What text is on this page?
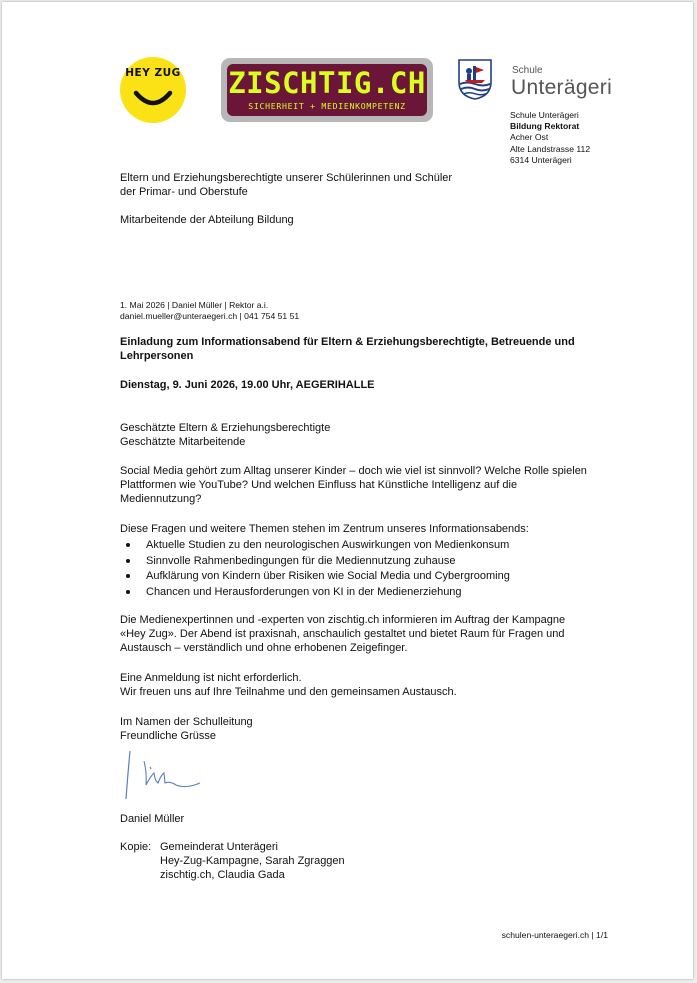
HEY ZUG ZISCHTIG.CH
SICHERHEIT + MEDIENKOMPETENZ
Schule
Unterägeri
Schule Unterägeri
Bildung Rektorat
Acher Ost
Alte Landstrasse 112
6314 Unterägeri
Eltern und Erziehungsberechtigte unserer Schülerinnen und Schüler
der Primar- und Oberstufe
Mitarbeitende der Abteilung Bildung
1. Mai 2026 | Daniel Müller | Rektor a.i.
daniel.mueller@unteraegeri.ch | 041 754 51 51
Einladung zum Informationsabend für Eltern & Erziehungsberechtigte, Betreuende und
Lehrpersonen
Dienstag, 9. Juni 2026, 19.00 Uhr, AEGERIHALLE
Geschätzte Eltern & Erziehungsberechtigte
Geschätzte Mitarbeitende
Social Media gehört zum Alltag unserer Kinder – doch wie viel ist sinnvoll? Welche Rolle spielen
Plattformen wie YouTube? Und welchen Einfluss hat Künstliche Intelligenz auf die
Mediennutzung?
Diese Fragen und weitere Themen stehen im Zentrum unseres Informationsabends:
Aktuelle Studien zu den neurologischen Auswirkungen von Medienkonsum
Sinnvolle Rahmenbedingungen für die Mediennutzung zuhause
Aufklärung von Kindern über Risiken wie Social Media und Cybergrooming
Chancen und Herausforderungen von KI in der Medienerziehung
Die Medienexpertinnen und -experten von zischtig.ch informieren im Auftrag der Kampagne
«Hey Zug». Der Abend ist praxisnah, anschaulich gestaltet und bietet Raum für Fragen und
Austausch – verständlich und ohne erhobenen Zeigefinger.
Eine Anmeldung ist nicht erforderlich.
Wir freuen uns auf Ihre Teilnahme und den gemeinsamen Austausch.
Im Namen der Schulleitung
Freundliche Grüsse
Daniel Müller
Kopie: Gemeinderat Unterägeri
Hey-Zug-Kampagne, Sarah Zgraggen
zischtig.ch, Claudia Gada
schulen-unteraegeri.ch | 1/1
